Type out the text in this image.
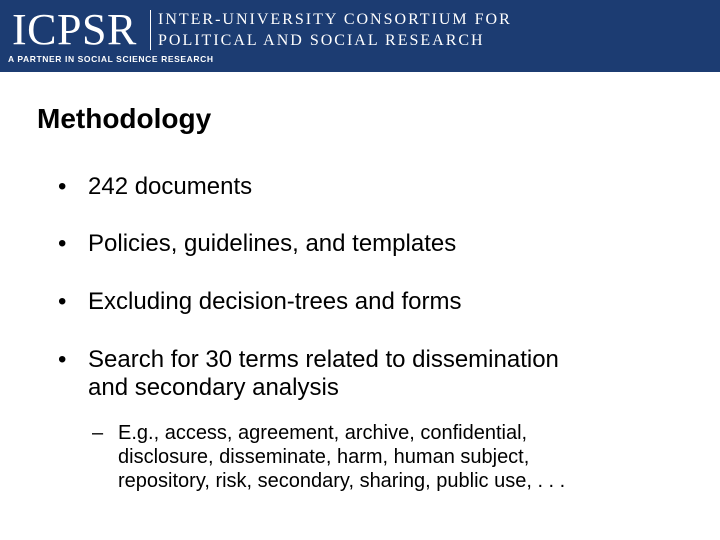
ICPSR INTER-UNIVERSITY CONSORTIUM FOR
POLITICAL AND SOCIAL RESEARCH
A PARTNER IN SOCIAL SCIENCE RESEARCH
Methodology
• 242 documents
• Policies, guidelines, and templates
• Excluding decision-trees and forms
• Search for 30 terms related to dissemination
and secondary analysis
– E.g., access, agreement, archive, confidential,
disclosure, disseminate, harm, human subject,
repository, risk, secondary, sharing, public use, . . .
